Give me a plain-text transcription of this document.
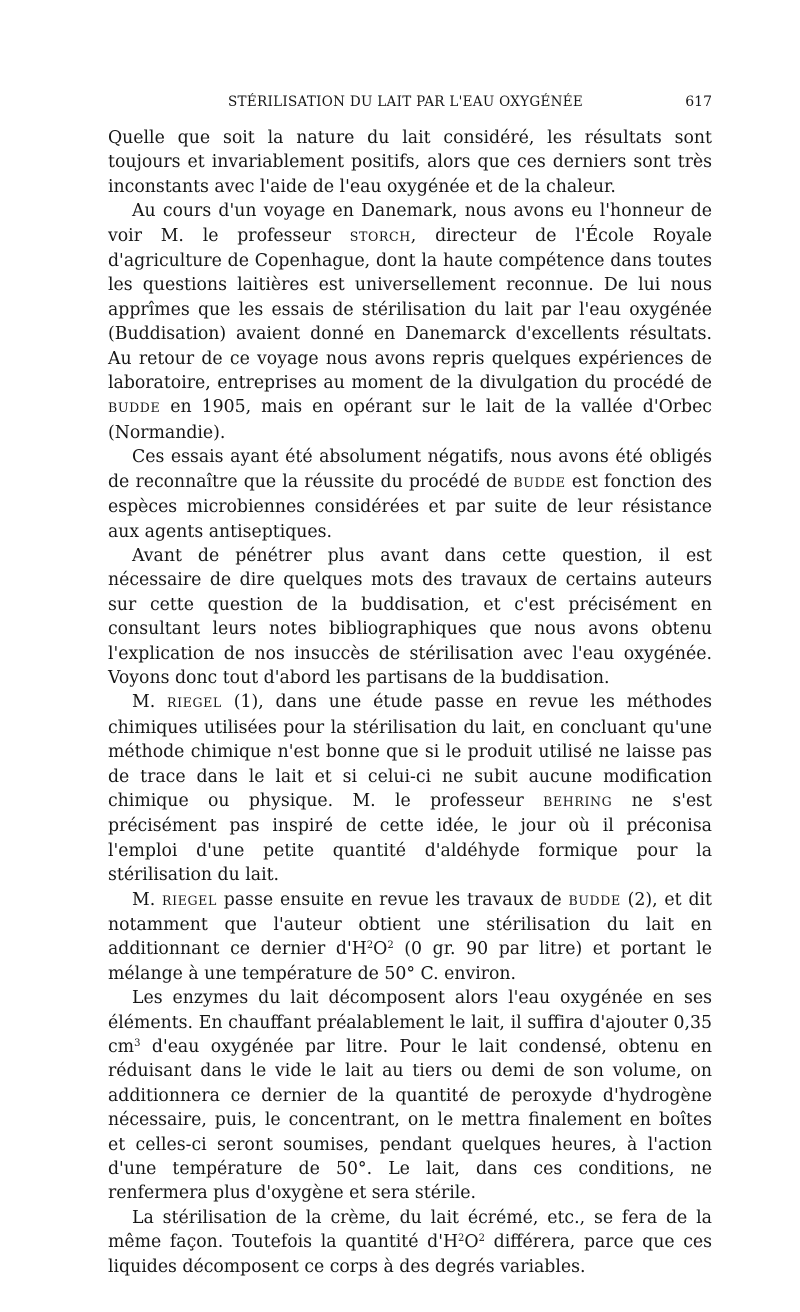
STÉRILISATION DU LAIT PAR L'EAU OXYGÉNÉE	617

Quelle que soit la nature du lait considéré, les résultats sont toujours et invariablement positifs, alors que ces derniers sont très inconstants avec l'aide de l'eau oxygénée et de la chaleur.

Au cours d'un voyage en Danemark, nous avons eu l'honneur de voir M. le professeur STORCH, directeur de l'École Royale d'agriculture de Copenhague, dont la haute compétence dans toutes les questions laitières est universellement reconnue. De lui nous apprîmes que les essais de stérilisation du lait par l'eau oxygénée (Buddisation) avaient donné en Danemarck d'excellents résultats. Au retour de ce voyage nous avons repris quelques expériences de laboratoire, entreprises au moment de la divulgation du procédé de BUDDE en 1905, mais en opérant sur le lait de la vallée d'Orbec (Normandie).

Ces essais ayant été absolument négatifs, nous avons été obligés de reconnaître que la réussite du procédé de BUDDE est fonction des espèces microbiennes considérées et par suite de leur résistance aux agents antiseptiques.

Avant de pénétrer plus avant dans cette question, il est nécessaire de dire quelques mots des travaux de certains auteurs sur cette question de la buddisation, et c'est précisément en consultant leurs notes bibliographiques que nous avons obtenu l'explication de nos insuccès de stérilisation avec l'eau oxygénée. Voyons donc tout d'abord les partisans de la buddisation.

M. RIEGEL (1), dans une étude passe en revue les méthodes chimiques utilisées pour la stérilisation du lait, en concluant qu'une méthode chimique n'est bonne que si le produit utilisé ne laisse pas de trace dans le lait et si celui-ci ne subit aucune modification chimique ou physique. M. le professeur BEHRING ne s'est précisément pas inspiré de cette idée, le jour où il préconisa l'emploi d'une petite quantité d'aldéhyde formique pour la stérilisation du lait.

M. RIEGEL passe ensuite en revue les travaux de BUDDE (2), et dit notamment que l'auteur obtient une stérilisation du lait en additionnant ce dernier $d'H^2O^2$ (0 gr. 90 par litre) et portant le mélange à une température de 50° C. environ.

Les enzymes du lait décomposent alors l'eau oxygénée en ses éléments. En chauffant préalablement le lait, il suffira d'ajouter 0,35 $cm^3$ d'eau oxygénée par litre. Pour le lait condensé, obtenu en réduisant dans le vide le lait au tiers ou demi de son volume, on additionnera ce dernier de la quantité de peroxyde d'hydrogène nécessaire, puis, le concentrant, on le mettra finalement en boîtes et celles-ci seront soumises, pendant quelques heures, à l'action d'une température de 50°. Le lait, dans ces conditions, ne renfermera plus d'oxygène et sera stérile.

La stérilisation de la crème, du lait écrémé, etc., se fera de la même façon. Toutefois la quantité $d'H^2O^2$ différera, parce que ces liquides décomposent ce corps à des degrés variables.
